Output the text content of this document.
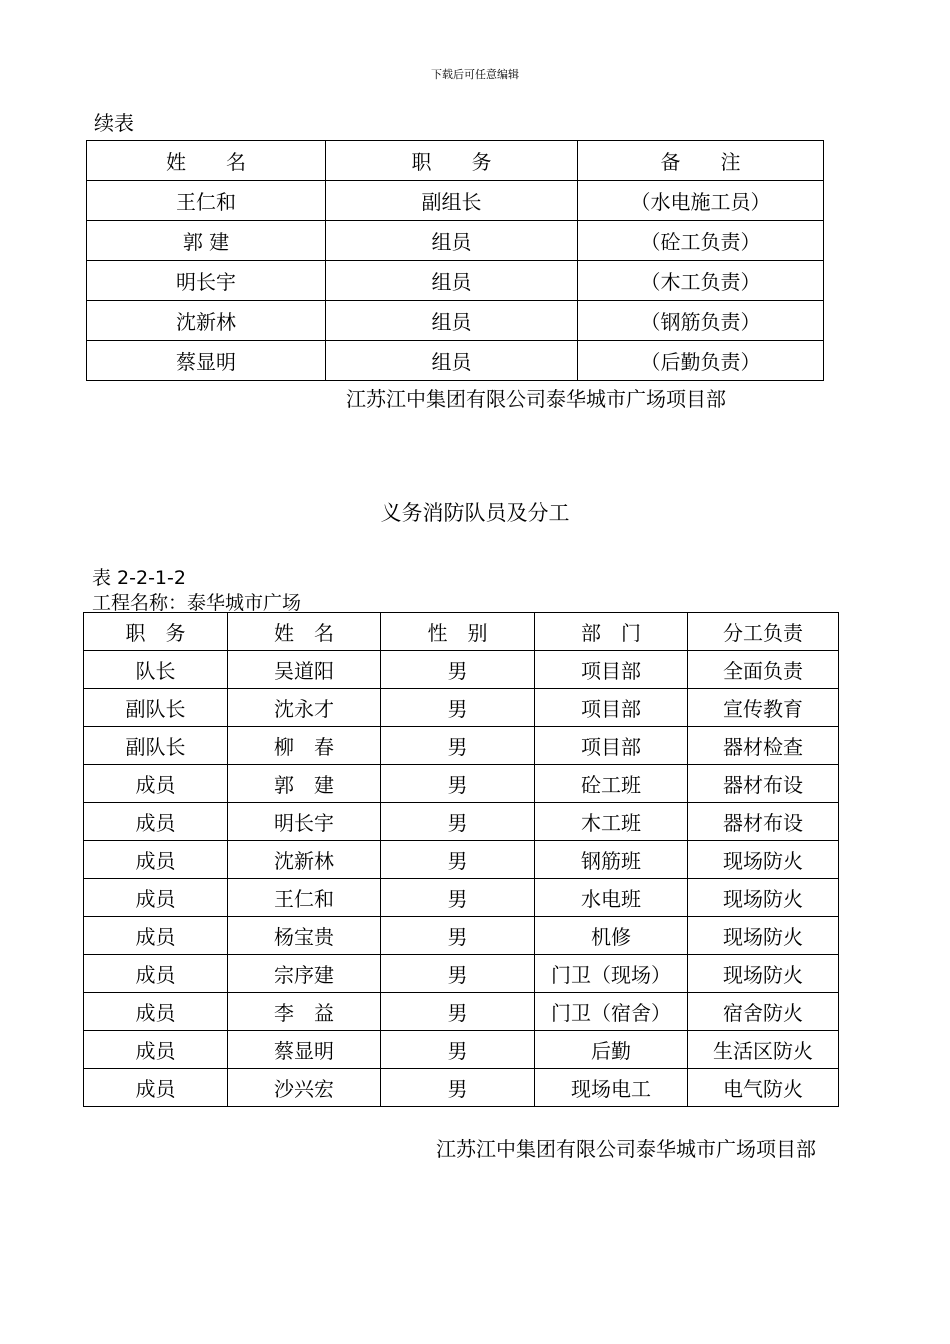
下载后可任意编辑
续表
姓　　名	职　　务	备　　注
王仁和	副组长	（水电施工员）
郭 建	组员	（砼工负责）
明长宇	组员	（木工负责）
沈新林	组员	（钢筋负责）
蔡显明	组员	（后勤负责）
江苏江中集团有限公司泰华城市广场项目部
义务消防队员及分工
表 2-2-1-2
工程名称：泰华城市广场
职　务	姓　名	性　别	部　门	分工负责
队长	吴道阳	男	项目部	全面负责
副队长	沈永才	男	项目部	宣传教育
副队长	柳　春	男	项目部	器材检查
成员	郭　建	男	砼工班	器材布设
成员	明长宇	男	木工班	器材布设
成员	沈新林	男	钢筋班	现场防火
成员	王仁和	男	水电班	现场防火
成员	杨宝贵	男	机修	现场防火
成员	宗序建	男	门卫（现场）	现场防火
成员	李　益	男	门卫（宿舍）	宿舍防火
成员	蔡显明	男	后勤	生活区防火
成员	沙兴宏	男	现场电工	电气防火
江苏江中集团有限公司泰华城市广场项目部
